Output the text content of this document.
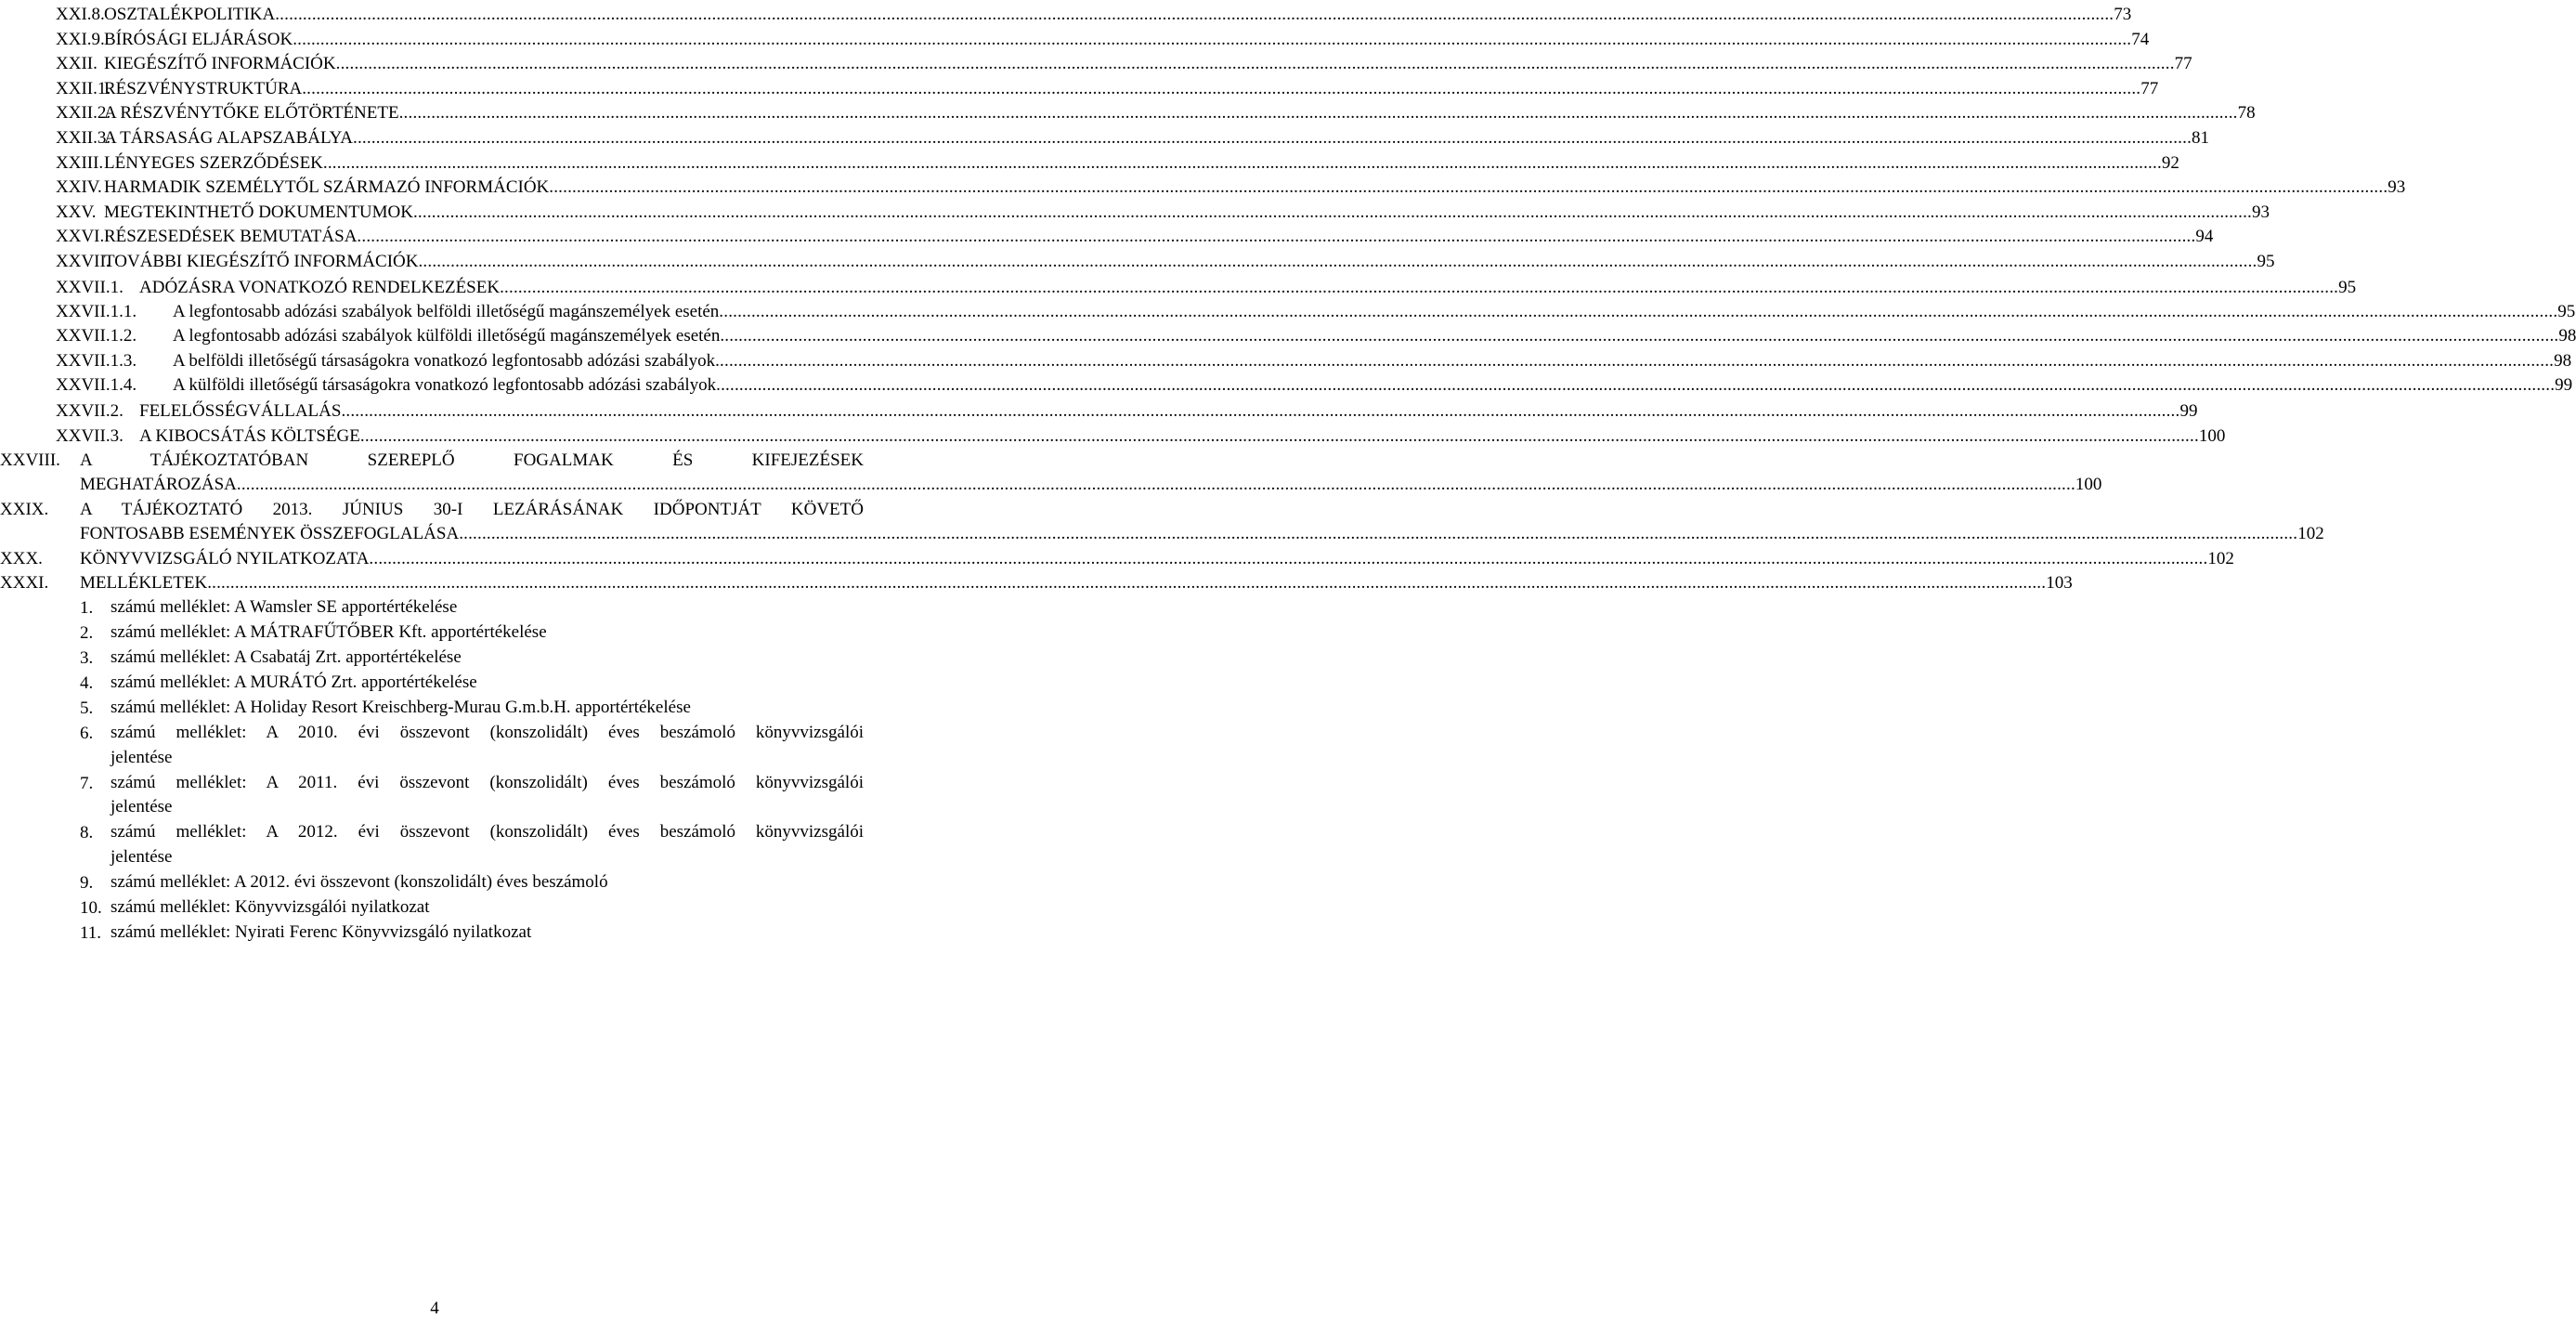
XXI.8. OSZTALÉKPOLITIKA ................................................................................................................................................................................................................................................................................................................................................................................................................ 73
XXI.9. BÍRÓSÁGI ELJÁRÁSOK ................................................................................................................................................................................................................................................................................................................................................................................................................ 74
XXII. KIEGÉSZÍTŐ INFORMÁCIÓK ................................................................................................................................................................................................................................................................................................................................................................................................................ 77
XXII.1.
RÉSZVÉNYSTRUKTÚRA ................................................................................................................................................................................................................................................................................................................................................................................................................ 77
XXII.2.
A RÉSZVÉNYTŐKE ELŐTÖRTÉNETE ................................................................................................................................................................................................................................................................................................................................................................................................................ 78
XXII.3.
A TÁRSASÁG ALAPSZABÁLYA ................................................................................................................................................................................................................................................................................................................................................................................................................ 81
XXIII. LÉNYEGES SZERZŐDÉSEK ................................................................................................................................................................................................................................................................................................................................................................................................................ 92
XXIV. HARMADIK SZEMÉLYTŐL SZÁRMAZÓ INFORMÁCIÓK ................................................................................................................................................................................................................................................................................................................................................................................................................ 93
XXV. MEGTEKINTHETŐ DOKUMENTUMOK ................................................................................................................................................................................................................................................................................................................................................................................................................ 93
XXVI. RÉSZESEDÉSEK BEMUTATÁSA ................................................................................................................................................................................................................................................................................................................................................................................................................ 94
XXVII.
TOVÁBBI KIEGÉSZÍTŐ INFORMÁCIÓK ................................................................................................................................................................................................................................................................................................................................................................................................................ 95
XXVII.1. ADÓZÁSRA VONATKOZÓ RENDELKEZÉSEK ................................................................................................................................................................................................................................................................................................................................................................................................................ 95
XXVII.1.1. A legfontosabb adózási szabályok belföldi illetőségű magánszemélyek esetén ................................................................................................................................................................................................................................................................................................................................................................................................................ 95
XXVII.1.2. A legfontosabb adózási szabályok külföldi illetőségű magánszemélyek esetén ................................................................................................................................................................................................................................................................................................................................................................................................................ 98
XXVII.1.3. A belföldi illetőségű társaságokra vonatkozó legfontosabb adózási szabályok ................................................................................................................................................................................................................................................................................................................................................................................................................ 98
XXVII.1.4. A külföldi illetőségű társaságokra vonatkozó legfontosabb adózási szabályok ................................................................................................................................................................................................................................................................................................................................................................................................................ 99
XXVII.2. FELELŐSSÉGVÁLLALÁS ................................................................................................................................................................................................................................................................................................................................................................................................................ 99
XXVII.3. A KIBOCSÁTÁS KÖLTSÉGE ................................................................................................................................................................................................................................................................................................................................................................................................................ 100
XXVIII. A TÁJÉKOZTATÓBAN SZEREPLŐ FOGALMAK ÉS KIFEJEZÉSEK
MEGHATÁROZÁSA ................................................................................................................................................................................................................................................................................................................................................................................................................ 100
XXIX. A TÁJÉKOZTATÓ 2013. JÚNIUS 30-I LEZÁRÁSÁNAK IDŐPONTJÁT KÖVETŐ
FONTOSABB ESEMÉNYEK ÖSSZEFOGLALÁSA ................................................................................................................................................................................................................................................................................................................................................................................................................ 102
XXX. KÖNYVVIZSGÁLÓ NYILATKOZATA ................................................................................................................................................................................................................................................................................................................................................................................................................ 102
XXXI. MELLÉKLETEK ................................................................................................................................................................................................................................................................................................................................................................................................................ 103
1. számú melléklet: A Wamsler SE apportértékelése
2. számú melléklet: A MÁTRAFŰTŐBER Kft. apportértékelése
3. számú melléklet: A Csabatáj Zrt. apportértékelése
4. számú melléklet: A MURÁTÓ Zrt. apportértékelése
5. számú melléklet: A Holiday Resort Kreischberg-Murau G.m.b.H. apportértékelése
6. számú melléklet: A 2010. évi összevont (konszolidált) éves beszámoló könyvvizsgálói
jelentése
7. számú melléklet: A 2011. évi összevont (konszolidált) éves beszámoló könyvvizsgálói
jelentése
8. számú melléklet: A 2012. évi összevont (konszolidált) éves beszámoló könyvvizsgálói
jelentése
9. számú melléklet: A 2012. évi összevont (konszolidált) éves beszámoló
10. számú melléklet: Könyvvizsgálói nyilatkozat
11. számú melléklet: Nyirati Ferenc Könyvvizsgáló nyilatkozat
4
